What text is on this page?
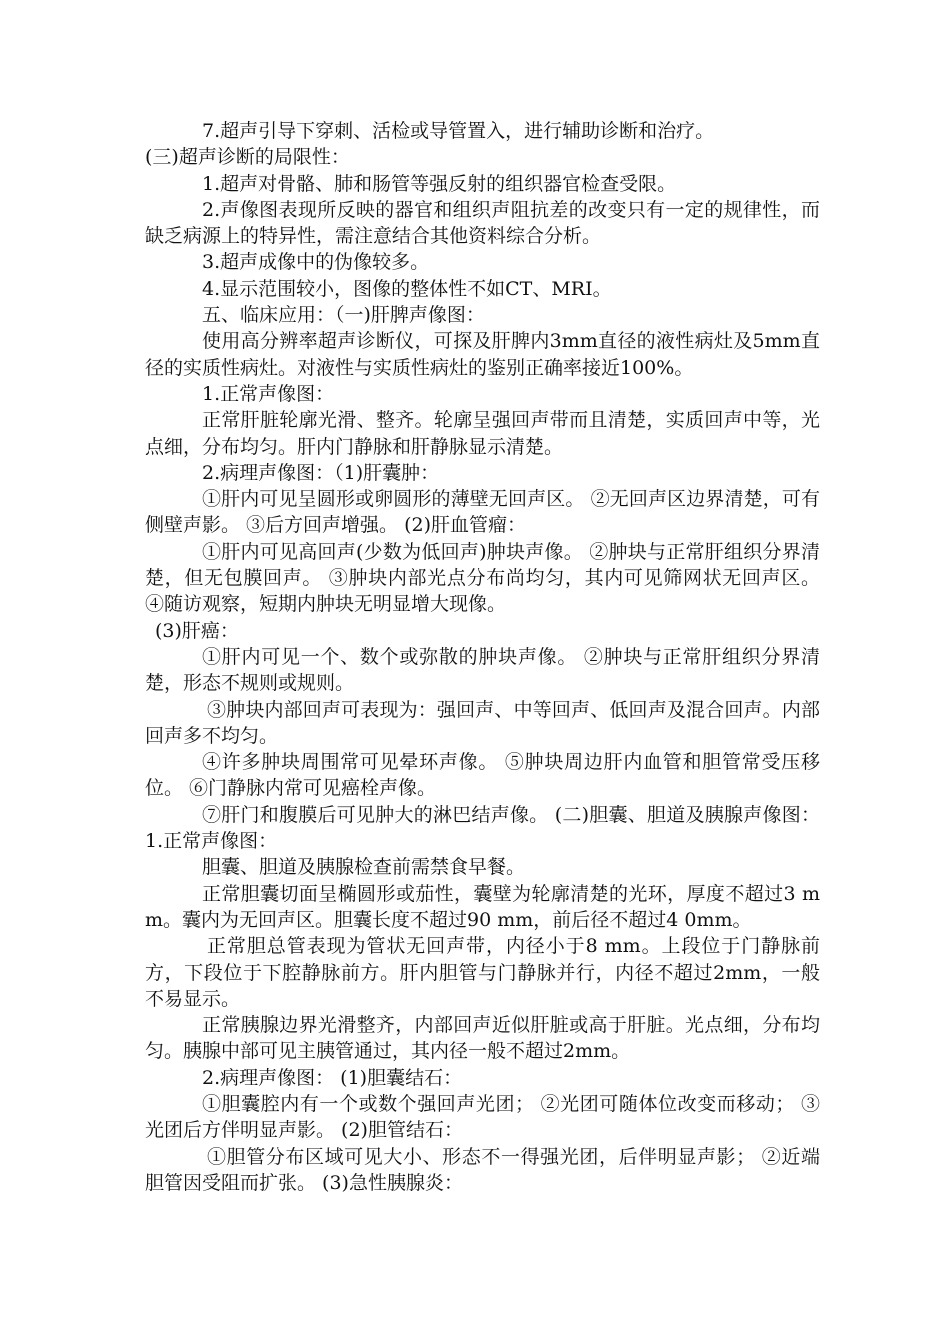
7.超声引导下穿刺、活检或导管置入，进行辅助诊断和治疗。

(三)超声诊断的局限性：

1.超声对骨骼、肺和肠管等强反射的组织器官检查受限。

2.声像图表现所反映的器官和组织声阻抗差的改变只有一定的规律性，而缺乏病源上的特异性，需注意结合其他资料综合分析。

3.超声成像中的伪像较多。

4.显示范围较小，图像的整体性不如CT、MRI。

五、临床应用：（一)肝脾声像图：

使用高分辨率超声诊断仪，可探及肝脾内3mm直径的液性病灶及5mm直径的实质性病灶。对液性与实质性病灶的鉴别正确率接近100%。

1.正常声像图：

正常肝脏轮廓光滑、整齐。轮廓呈强回声带而且清楚，实质回声中等，光点细，分布均匀。肝内门静脉和肝静脉显示清楚。

2.病理声像图：（1)肝囊肿：

①肝内可见呈圆形或卵圆形的薄壁无回声区。 ②无回声区边界清楚，可有侧壁声影。 ③后方回声增强。 (2)肝血管瘤：

①肝内可见高回声(少数为低回声)肿块声像。 ②肿块与正常肝组织分界清楚，但无包膜回声。 ③肿块内部光点分布尚均匀，其内可见筛网状无回声区。 ④随访观察，短期内肿块无明显增大现像。

(3)肝癌：

①肝内可见一个、数个或弥散的肿块声像。 ②肿块与正常肝组织分界清楚，形态不规则或规则。

③肿块内部回声可表现为：强回声、中等回声、低回声及混合回声。内部回声多不均匀。

④许多肿块周围常可见晕环声像。 ⑤肿块周边肝内血管和胆管常受压移位。 ⑥门静脉内常可见癌栓声像。

⑦肝门和腹膜后可见肿大的淋巴结声像。 (二)胆囊、胆道及胰腺声像图： 1.正常声像图：

胆囊、胆道及胰腺检查前需禁食早餐。

正常胆囊切面呈椭圆形或茄性，囊壁为轮廓清楚的光环，厚度不超过3 mm。囊内为无回声区。胆囊长度不超过90 mm，前后径不超过4 0mm。

正常胆总管表现为管状无回声带，内径小于8 mm。上段位于门静脉前方，下段位于下腔静脉前方。肝内胆管与门静脉并行，内径不超过2mm，一般不易显示。

正常胰腺边界光滑整齐，内部回声近似肝脏或高于肝脏。光点细，分布均匀。胰腺中部可见主胰管通过，其内径一般不超过2mm。

2.病理声像图： (1)胆囊结石：

①胆囊腔内有一个或数个强回声光团； ②光团可随体位改变而移动； ③光团后方伴明显声影。 (2)胆管结石：

①胆管分布区域可见大小、形态不一得强光团，后伴明显声影； ②近端胆管因受阻而扩张。 (3)急性胰腺炎：
